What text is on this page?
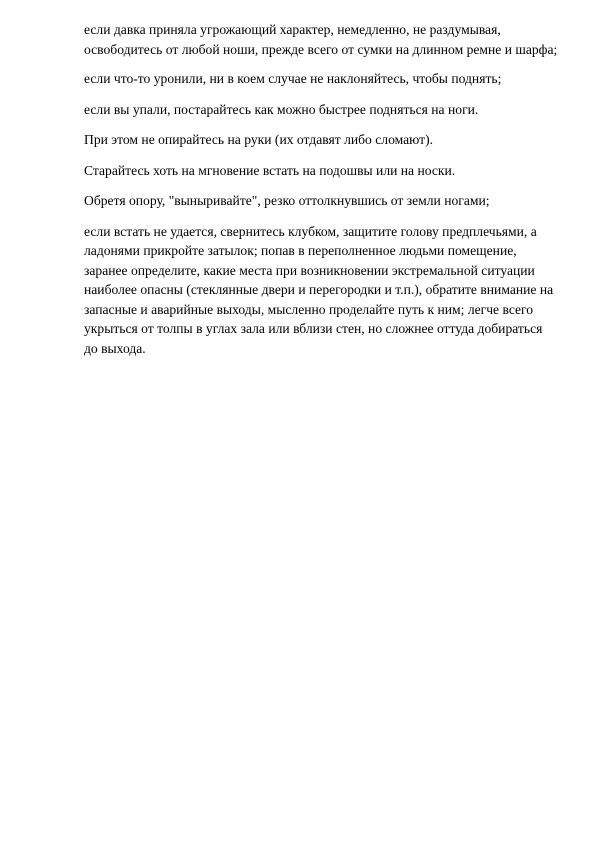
если давка приняла угрожающий характер, немедленно, не раздумывая, освободитесь от любой ноши, прежде всего от сумки на длинном ремне и шарфа;

если что-то уронили, ни в коем случае не наклоняйтесь, чтобы поднять;

если вы упали, постарайтесь как можно быстрее подняться на ноги.

При этом не опирайтесь на руки (их отдавят либо сломают).

Старайтесь хоть на мгновение встать на подошвы или на носки.

Обретя опору, "выныривайте", резко оттолкнувшись от земли ногами;

если встать не удается, свернитесь клубком, защитите голову предплечьями, а ладонями прикройте затылок; попав в переполненное людьми помещение, заранее определите, какие места при возникновении экстремальной ситуации наиболее опасны (стеклянные двери и перегородки и т.п.), обратите внимание на запасные и аварийные выходы, мысленно проделайте путь к ним; легче всего укрыться от толпы в углах зала или вблизи стен, но сложнее оттуда добираться до выхода.
